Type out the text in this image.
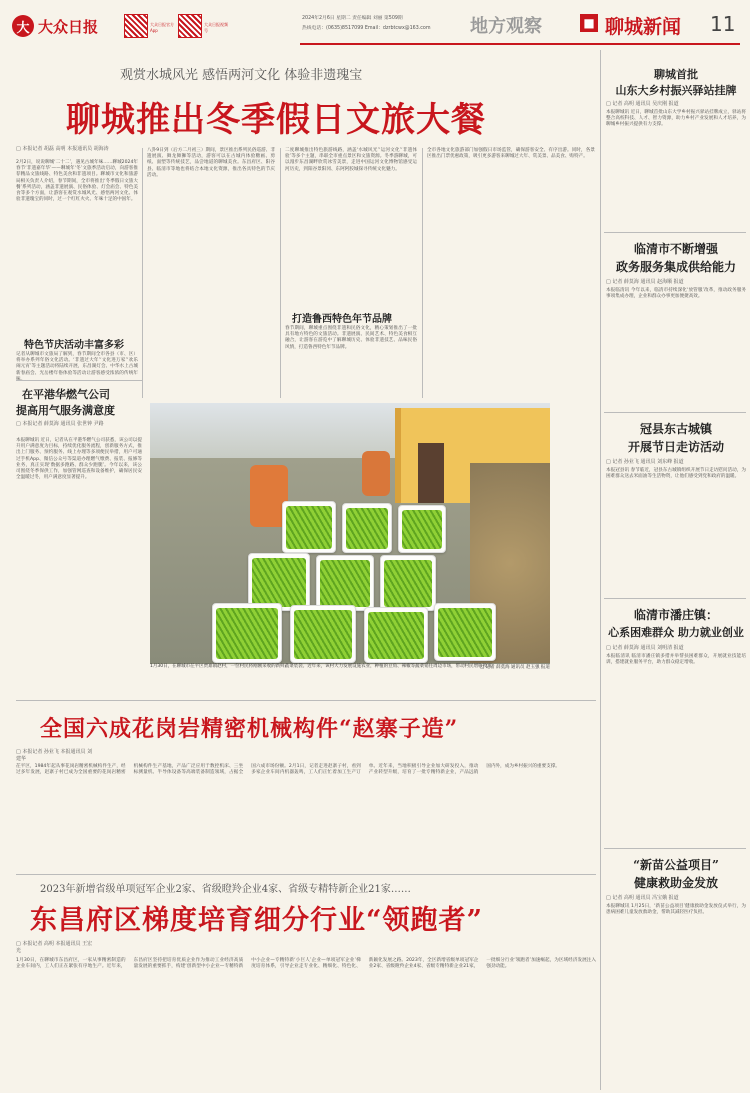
大 大众日报	大众日报官方App
大众日报视频号
2024年2月6日 星期二 责任编辑 刘丽 第509期
热线电话：(0635)8517099 Email：dzrbtcwx@163.com 地方观察	■ 聊城新闻 11
观赏水城风光 感悟两河文化 体验非遗瑰宝
聊城推出冬季假日文旅大餐
□ 本报记者 胡磊 高明 本报通讯员 胡海涛
2月2日，说说聊城‘二十二’，遇见古城年味……聊城2024年春节‘非遗嘉年华’——聊城年‘冬’文旅季活动启动，向游客推荐精品文旅线路、特色美食和非遗项目。聊城市文化和旅游局相关负责人介绍，春节期间，全市将推出‘冬季假日文旅大餐’系列活动，涵盖非遗展演、民俗体验、灯会庙会、特色美食等多个方面，让游客在观赏水城风光、感悟两河文化、体验非遗瑰宝的同时，过一个红红火火、年味十足的中国年。
特色节庆活动丰富多彩
记者从聊城市文旅局了解到，春节期间全市各县（市、区）将举办系列年俗文化活动。‘非遗过大年’‘文化进万家’‘欢乐闹元宵’等主题活动将陆续开展，东昌湖灯会、中华水上古城新春庙会、光岳楼年俗体验等活动让游客感受浓浓的传统年
八卦9日到（后方二月初三）期间，景区推出系列民俗巡游、非遗展演、舞龙舞狮等活动，游客可以在古城内体验糖画、剪纸、面塑等传统技艺，品尝地道的聊城美食。东昌府区、阳谷县、临清市等地也将结合本地文化资源，推出各具特色的节庆活动。
二度聊城推出特色旅游线路，涵盖‘水城风光’‘运河文化’‘非遗体验’等多个主题，串联全市重点景区和文旅资源。冬季游聊城，可以漫步东昌湖畔欣赏冰雪美景，走进中国运河文化博物馆感受运河历史，到阳谷景阳冈、东阿阿胶城探寻传统文化魅力。
打造鲁西特色年节品牌
春节期间，聊城重点围绕非遗和民俗文化，精心策划推出了一批具有地方特色的文旅活动。非遗展演、民间艺术、特色美食相互融合，让游客在游览中了解聊城历史、体验非遗技艺、品味民俗风情，打造鲁西特色年节品牌。
全市各地文化旅游部门加强假日市场监管，确保游客安全、有序出游。同时，各景区推出门票优惠政策，吸引更多游客来聊城过大年、赏美景、品美食、购特产。
在平港华燃气公司
提高用气服务满意度
□ 本报记者 薛莫海 通讯员 张世钟 尹路
本报聊城讯 近日，记者从在平港华燃气公司获悉，该公司以提升用户满意度为目标，持续优化服务流程，创新服务方式，推出上门服务、预约服务、线上办理等多项便民举措，用户可通过手机App、微信公众号等渠道办理燃气缴费、报装、报修等业务，真正实现‘数据多跑路、群众少跑腿’。今年以来，该公司围绕冬季保供工作，加强管网巡查和设备维护，确保居民安全温暖过冬，用户满意度显著提升。
1月30日，在聊城市茌平区贾寨镇赵村，一位村民将刚刚采收的新鲜蔬菜装袋。近年来，该村大力发展设施农业，种植的豆角、辣椒等蔬菜销往周边市场，带动村民增收致富。
□ 记者 薛莫海 通讯员 赵玉强 报道
全国六成花岗岩精密机械构件“赵寨子造”
□ 本报记者 孙业飞 本报通讯员 刘建华
茌平区，1984年起从事花岗岩精密机械构件生产，经过多年发展，赵寨子村已成为全国重要的花岗岩精密机械构件生产基地，产品广泛应用于数控机床、三坐标测量机、半导体设备等高端装备制造领域，占据全国六成市场份额。2月1日，记者走进赵寨子村，看到多家企业车间内机器轰鸣，工人们正忙着加工生产订单。近年来，当地积极引导企业加大研发投入，推动产业转型升级，培育了一批专精特新企业，产品远销国内外，成为乡村振兴的重要支撑。
2023年新增省级单项冠军企业2家、省级瞪羚企业4家、省级专精特新企业21家……
东昌府区梯度培育细分行业“领跑者”
□ 本报记者 高明 本报通讯员 王宏光
1月30日，在聊城市东昌府区，一家从事精密制造的企业车间内，工人们正在紧张有序地生产。近年来，东昌府区坚持把培育优质企业作为推动工业经济高质量发展的重要抓手，构建‘创新型中小企业—专精特新中小企业—专精特新‘小巨人’企业—单项冠军企业’梯度培育体系，引导企业走专业化、精细化、特色化、新颖化发展之路。2023年，全区新增省级单项冠军企业2家、省级瞪羚企业4家、省级专精特新企业21家，一批细分行业‘领跑者’加速崛起，为区域经济发展注入强劲动能。
聊城首批
山东大乡村振兴驿站挂牌
□ 记者 高明 通讯员 吴庆刚 报道
本报聊城讯 近日，聊城首批山东大学乡村振兴驿站挂牌成立，驿站将整合高校科技、人才、智力资源，助力乡村产业发展和人才培养，为聊城乡村振兴提供有力支撑。
临清市不断增强
政务服务集成供给能力
□ 记者 薛莫海 通讯员 赵海顺 报道
本报临清讯 今年以来，临清市持续深化‘放管服’改革，推动政务服务事项集成办理，企业和群众办事更加便捷高效。
冠县东古城镇
开展节日走访活动
□ 记者 孙业飞 通讯员 刘东峰 报道
本报冠县讯 春节临近，冠县东古城镇组织开展节日走访慰问活动，为困难群众送去米面油等生活物资，让他们感受到党和政府的温暖。
临清市潘庄镇：
心系困难群众 助力就业创业
□ 记者 薛莫海 通讯员 刘明清 报道
本报临清讯 临清市潘庄镇多措并举帮扶困难群众，开展就业技能培训，搭建就业服务平台，助力群众稳定增收。
“新苗公益项目”
健康救助金发放
□ 记者 高明 通讯员 冯宝娥 报道
本报聊城讯 1月25日，‘新苗公益项目’健康救助金发放仪式举行，为患病困难儿童发放救助金，帮助其减轻医疗负担。
